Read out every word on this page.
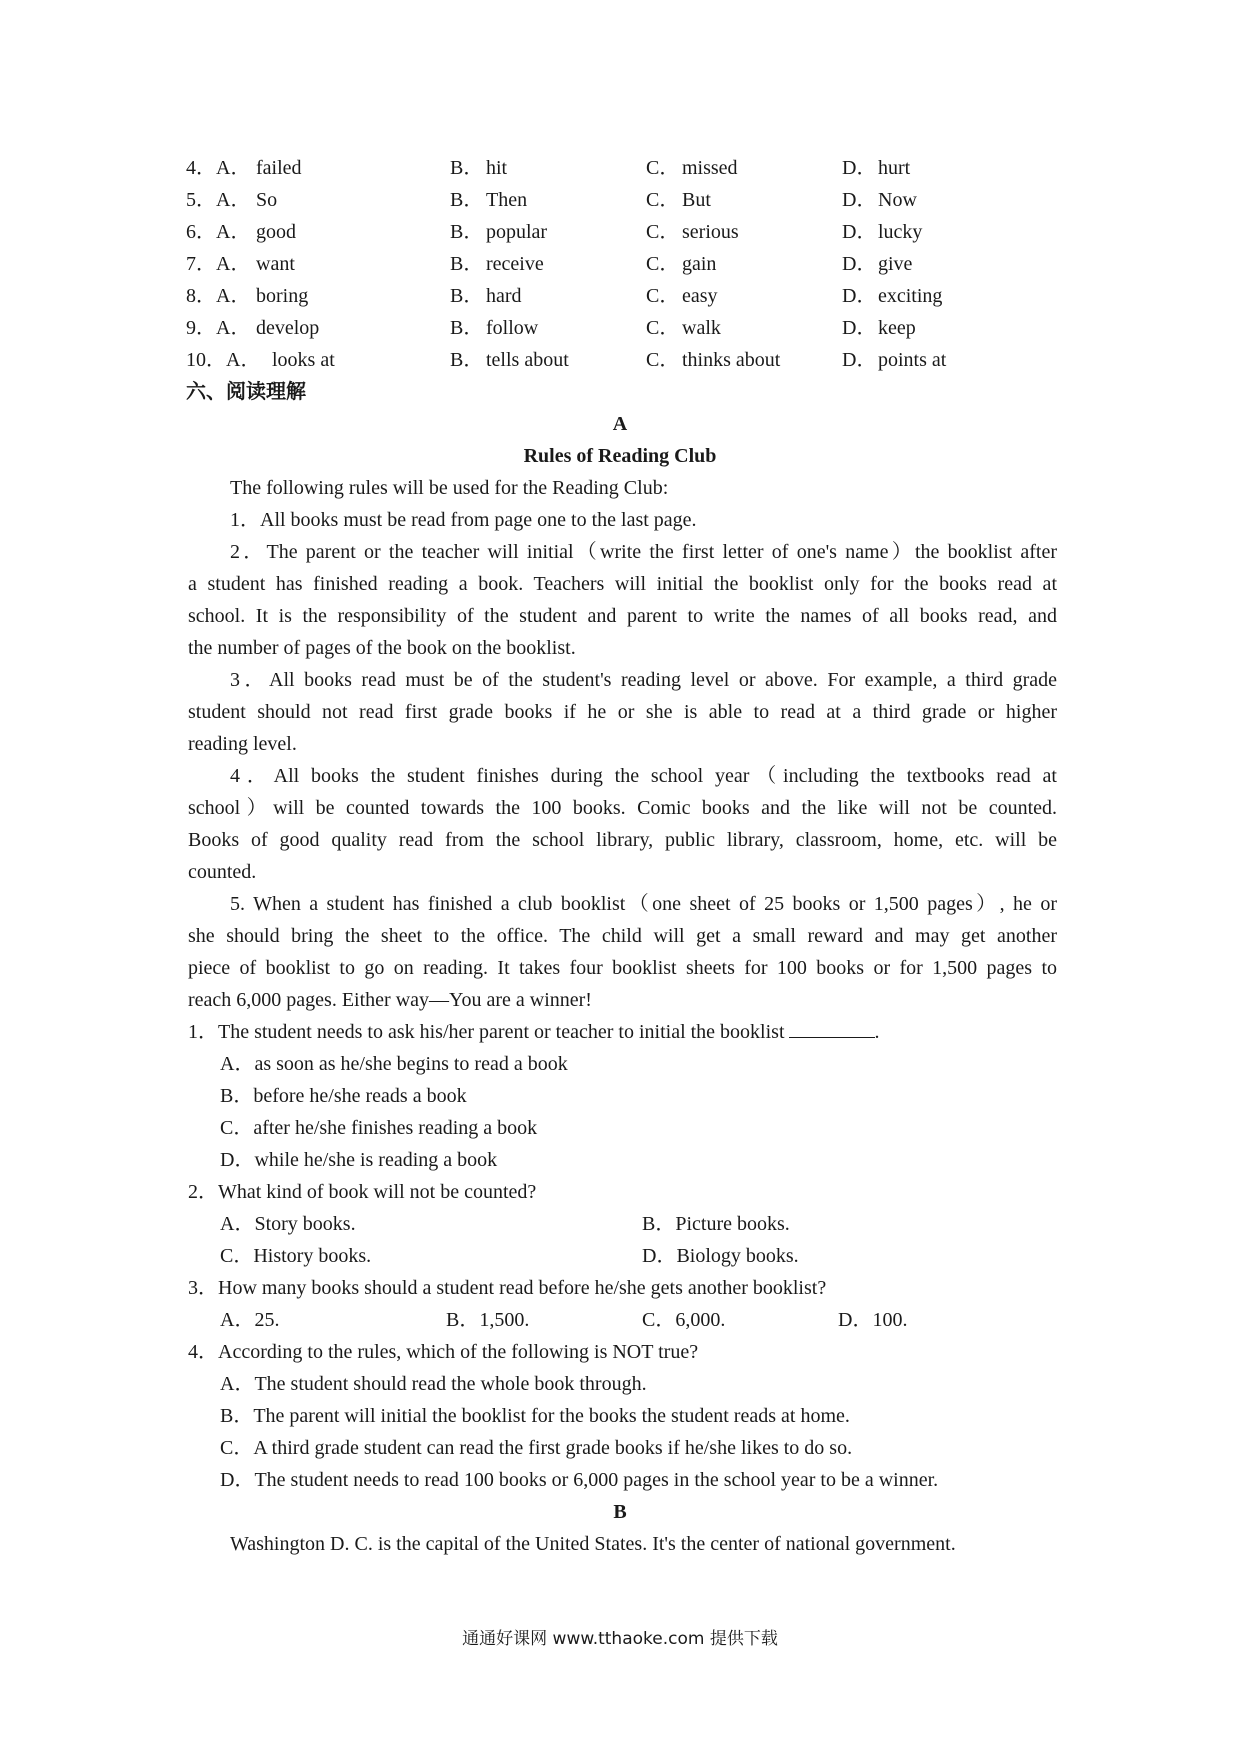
4．A． failed	B． hit	C． missed	D． hurt
5．A． So	B． Then	C． But	D． Now
6．A． good	B． popular	C． serious	D． lucky
7．A． want	B． receive	C． gain	D． give
8．A． boring	B． hard	C． easy	D． exciting
9．A． develop	B． follow	C． walk	D． keep
10．A． looks at	B． tells about	C． thinks about	D． points at
六、阅读理解
A
Rules of Reading Club
The following rules will be used for the Reading Club:
1．All books must be read from page one to the last page.
2．The parent or the teacher will initial（write the first letter of one's name）the booklist after
a student has finished reading a book. Teachers will initial the booklist only for the books read at
school. It is the responsibility of the student and parent to write the names of all books read, and
the number of pages of the book on the booklist.
3．All books read must be of the student's reading level or above. For example, a third grade
student should not read first grade books if he or she is able to read at a third grade or higher
reading level.
4．All books the student finishes during the school year（including the textbooks read at
school）will be counted towards the 100 books. Comic books and the like will not be counted.
Books of good quality read from the school library, public library, classroom, home, etc. will be
counted.
5. When a student has finished a club booklist（one sheet of 25 books or 1,500 pages）, he or
she should bring the sheet to the office. The child will get a small reward and may get another
piece of booklist to go on reading. It takes four booklist sheets for 100 books or for 1,500 pages to
reach 6,000 pages. Either way—You are a winner!
1．The student needs to ask his/her parent or teacher to initial the booklist	.
A．as soon as he/she begins to read a book
B．before he/she reads a book
C．after he/she finishes reading a book
D．while he/she is reading a book
2．What kind of book will not be counted?
A．Story books.	B．Picture books.
C．History books.	D．Biology books.
3．How many books should a student read before he/she gets another booklist?
A．25.	B．1,500.	C．6,000.	D．100.
4．According to the rules, which of the following is NOT true?
A．The student should read the whole book through.
B．The parent will initial the booklist for the books the student reads at home.
C．A third grade student can read the first grade books if he/she likes to do so.
D．The student needs to read 100 books or 6,000 pages in the school year to be a winner.
B
Washington D. C. is the capital of the United States. It's the center of national government.
通通好课网 www.tthaoke.com 提供下载
